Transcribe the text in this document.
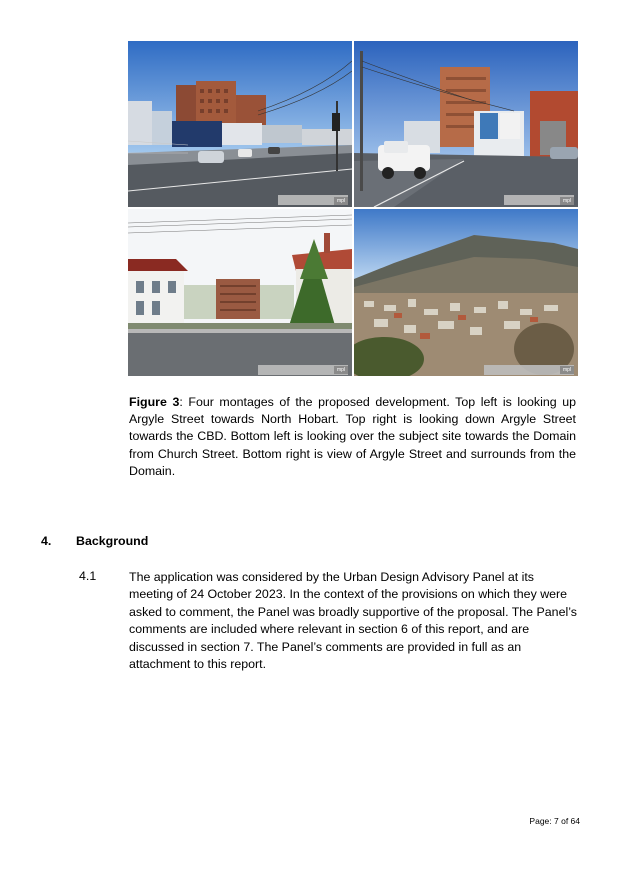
mpl	mpl
mpl	mpl
Figure 3: Four montages of the proposed development. Top left is looking up Argyle Street towards North Hobart. Top right is looking down Argyle Street towards the CBD. Bottom left is looking over the subject site towards the Domain from Church Street. Bottom right is view of Argyle Street and surrounds from the Domain.
4. Background
4.1	The application was considered by the Urban Design Advisory Panel at its meeting of 24 October 2023. In the context of the provisions on which they were asked to comment, the Panel was broadly supportive of the proposal. The Panel’s comments are included where relevant in section 6 of this report, and are discussed in section 7. The Panel’s comments are provided in full as an attachment to this report.
Page: 7 of 64
